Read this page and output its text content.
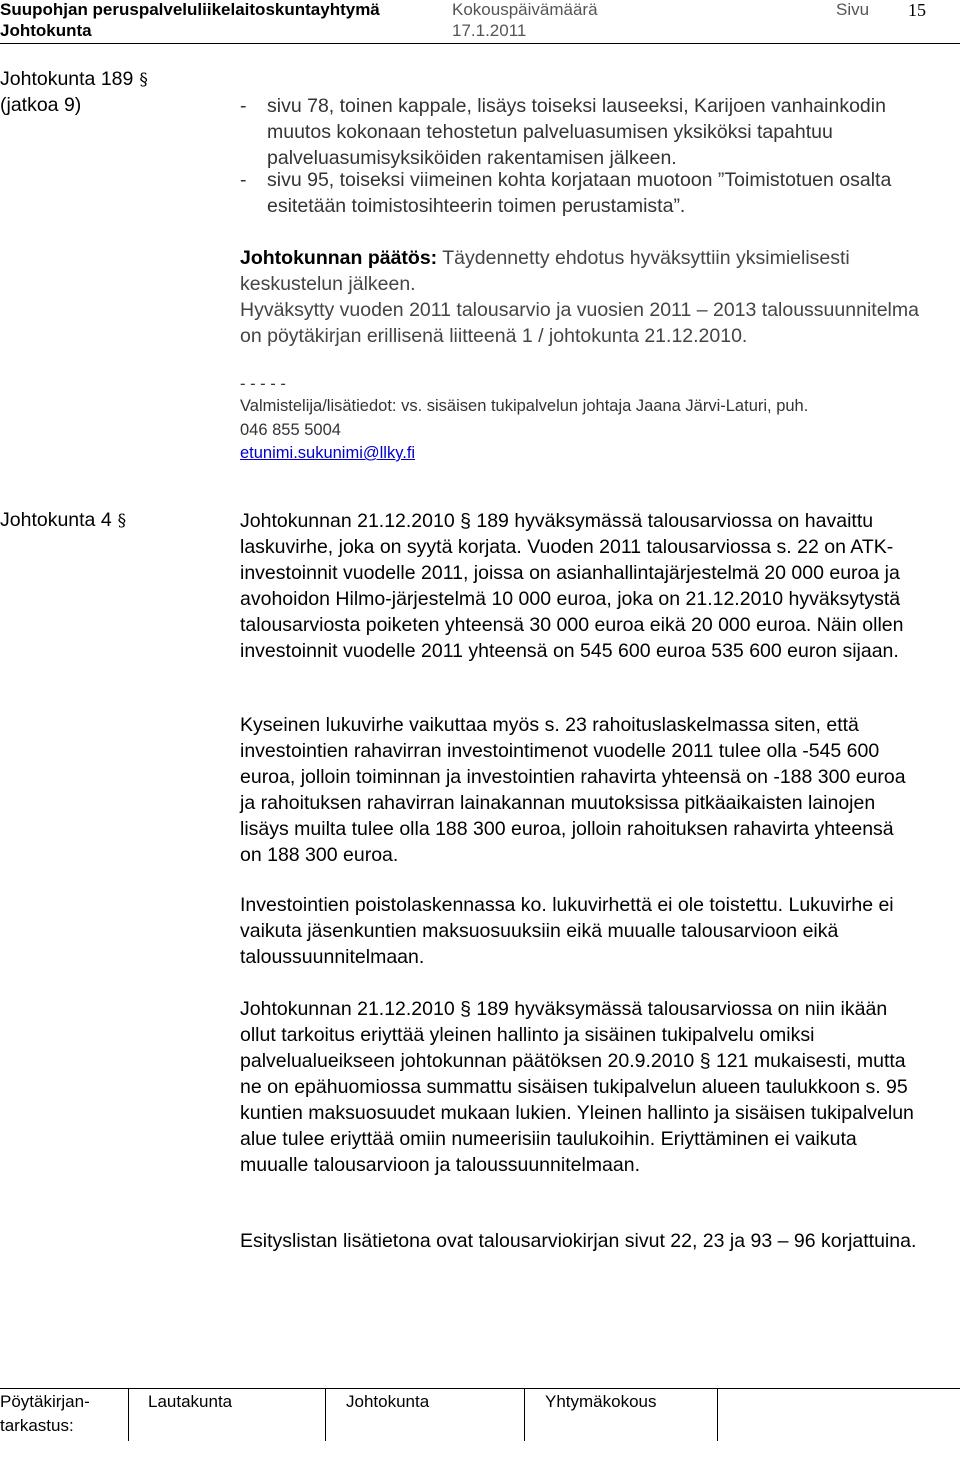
Suupohjan peruspalveluliikelaitoskuntayhtymä	Kokouspäivämäärä	Sivu 15
Johtokunta	17.1.2011
Johtokunta 189 §
(jatkoa 9)	- sivu 78, toinen kappale, lisäys toiseksi lauseeksi, Karijoen vanhainkodin muutos kokonaan tehostetun palveluasumisen yksiköksi tapahtuu palveluasumisyksiköiden rakentamisen jälkeen.
- sivu 95, toiseksi viimeinen kohta korjataan muotoon ”Toimistotuen osalta esitetään toimistosihteerin toimen perustamista”.

Johtokunnan päätös: Täydennetty ehdotus hyväksyttiin yksimielisesti keskustelun jälkeen.

Hyväksytty vuoden 2011 talousarvio ja vuosien 2011 – 2013 taloussuunnitelma on pöytäkirjan erillisenä liitteenä 1 / johtokunta 21.12.2010.
- - - - -
Valmistelija/lisätiedot: vs. sisäisen tukipalvelun johtaja Jaana Järvi-Laturi, puh.
046 855 5004
etunimi.sukunimi@llky.fi
Johtokunta 4 §	Johtokunnan 21.12.2010 § 189 hyväksymässä talousarviossa on havaittu laskuvirhe, joka on syytä korjata. Vuoden 2011 talousarviossa s. 22 on ATK-investoinnit vuodelle 2011, joissa on asianhallintajärjestelmä 20 000 euroa ja avohoidon Hilmo-järjestelmä 10 000 euroa, joka on 21.12.2010 hyväksytystä talousarviosta poiketen yhteensä 30 000 euroa eikä 20 000 euroa. Näin ollen investoinnit vuodelle 2011 yhteensä on 545 600 euroa 535 600 euron sijaan.
Kyseinen lukuvirhe vaikuttaa myös s. 23 rahoituslaskelmassa siten, että investointien rahavirran investointimenot vuodelle 2011 tulee olla -545 600 euroa, jolloin toiminnan ja investointien rahavirta yhteensä on -188 300 euroa ja rahoituksen rahavirran lainakannan muutoksissa pitkäaikaisten lainojen lisäys muilta tulee olla 188 300 euroa, jolloin rahoituksen rahavirta yhteensä on 188 300 euroa.
Investointien poistolaskennassa ko. lukuvirhettä ei ole toistettu. Lukuvirhe ei vaikuta jäsenkuntien maksuosuuksiin eikä muualle talousarvioon eikä taloussuunnitelmaan.
Johtokunnan 21.12.2010 § 189 hyväksymässä talousarviossa on niin ikään ollut tarkoitus eriyttää yleinen hallinto ja sisäinen tukipalvelu omiksi palvelualueikseen johtokunnan päätöksen 20.9.2010 § 121 mukaisesti, mutta ne on epähuomiossa summattu sisäisen tukipalvelun alueen taulukkoon s. 95 kuntien maksuosuudet mukaan lukien. Yleinen hallinto ja sisäisen tukipalvelun alue tulee eriyttää omiin numeerisiin taulukoihin. Eriyttäminen ei vaikuta muualle talousarvioon ja taloussuunnitelmaan.
Esityslistan lisätietona ovat talousarviokirjan sivut 22, 23 ja 93 – 96 korjattuina.
Pöytäkirjan-
tarkastus:
Lautakunta	Johtokunta	Yhtymäkokous
